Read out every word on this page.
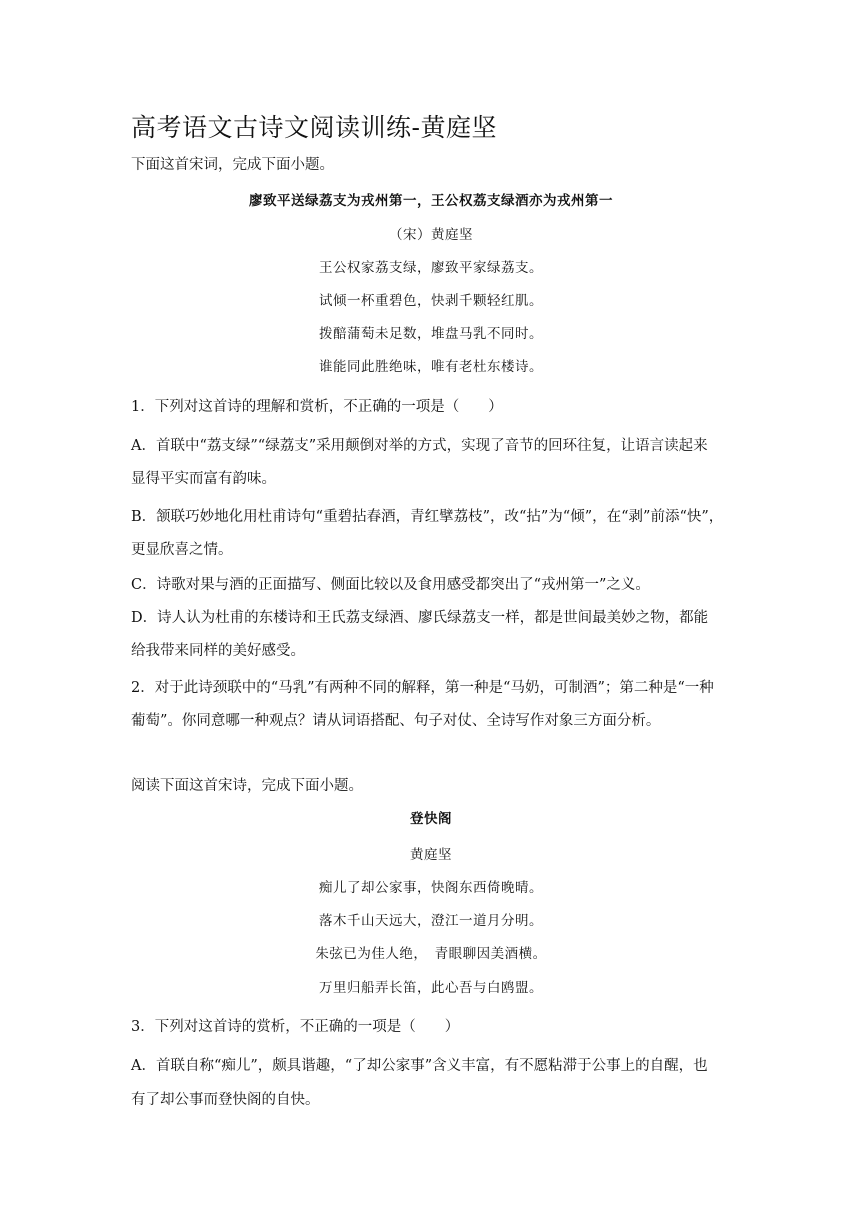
高考语文古诗文阅读训练-黄庭坚
下面这首宋词，完成下面小题。
廖致平送绿荔支为戎州第一，王公权荔支绿酒亦为戎州第一
（宋）黄庭坚
王公权家荔支绿，廖致平家绿荔支。
试倾一杯重碧色，快剥千颗轻红肌。
拨醅蒲萄未足数，堆盘马乳不同时。
谁能同此胜绝味，唯有老杜东楼诗。
1．下列对这首诗的理解和赏析，不正确的一项是（　　）
A．首联中“荔支绿”“绿荔支”采用颠倒对举的方式，实现了音节的回环往复，让语言读起来
显得平实而富有韵味。
B．颔联巧妙地化用杜甫诗句“重碧拈春酒，青红擘荔枝”，改“拈”为“倾”，在“剥”前添“快”，
更显欣喜之情。
C．诗歌对果与酒的正面描写、侧面比较以及食用感受都突出了“戎州第一”之义。
D．诗人认为杜甫的东楼诗和王氏荔支绿酒、廖氏绿荔支一样，都是世间最美妙之物，都能
给我带来同样的美好感受。
2．对于此诗颈联中的“马乳”有两种不同的解释，第一种是“马奶，可制酒”；第二种是“一种
葡萄”。你同意哪一种观点？请从词语搭配、句子对仗、全诗写作对象三方面分析。
阅读下面这首宋诗，完成下面小题。
登快阁
黄庭坚
痴儿了却公家事，快阁东西倚晚晴。
落木千山天远大，澄江一道月分明。
朱弦已为佳人绝，　青眼聊因美酒横。
万里归船弄长笛，此心吾与白鸥盟。
3．下列对这首诗的赏析，不正确的一项是（　　）
A．首联自称“痴儿”，颇具谐趣，“了却公家事”含义丰富，有不愿粘滞于公事上的自醒，也
有了却公事而登快阁的自快。
